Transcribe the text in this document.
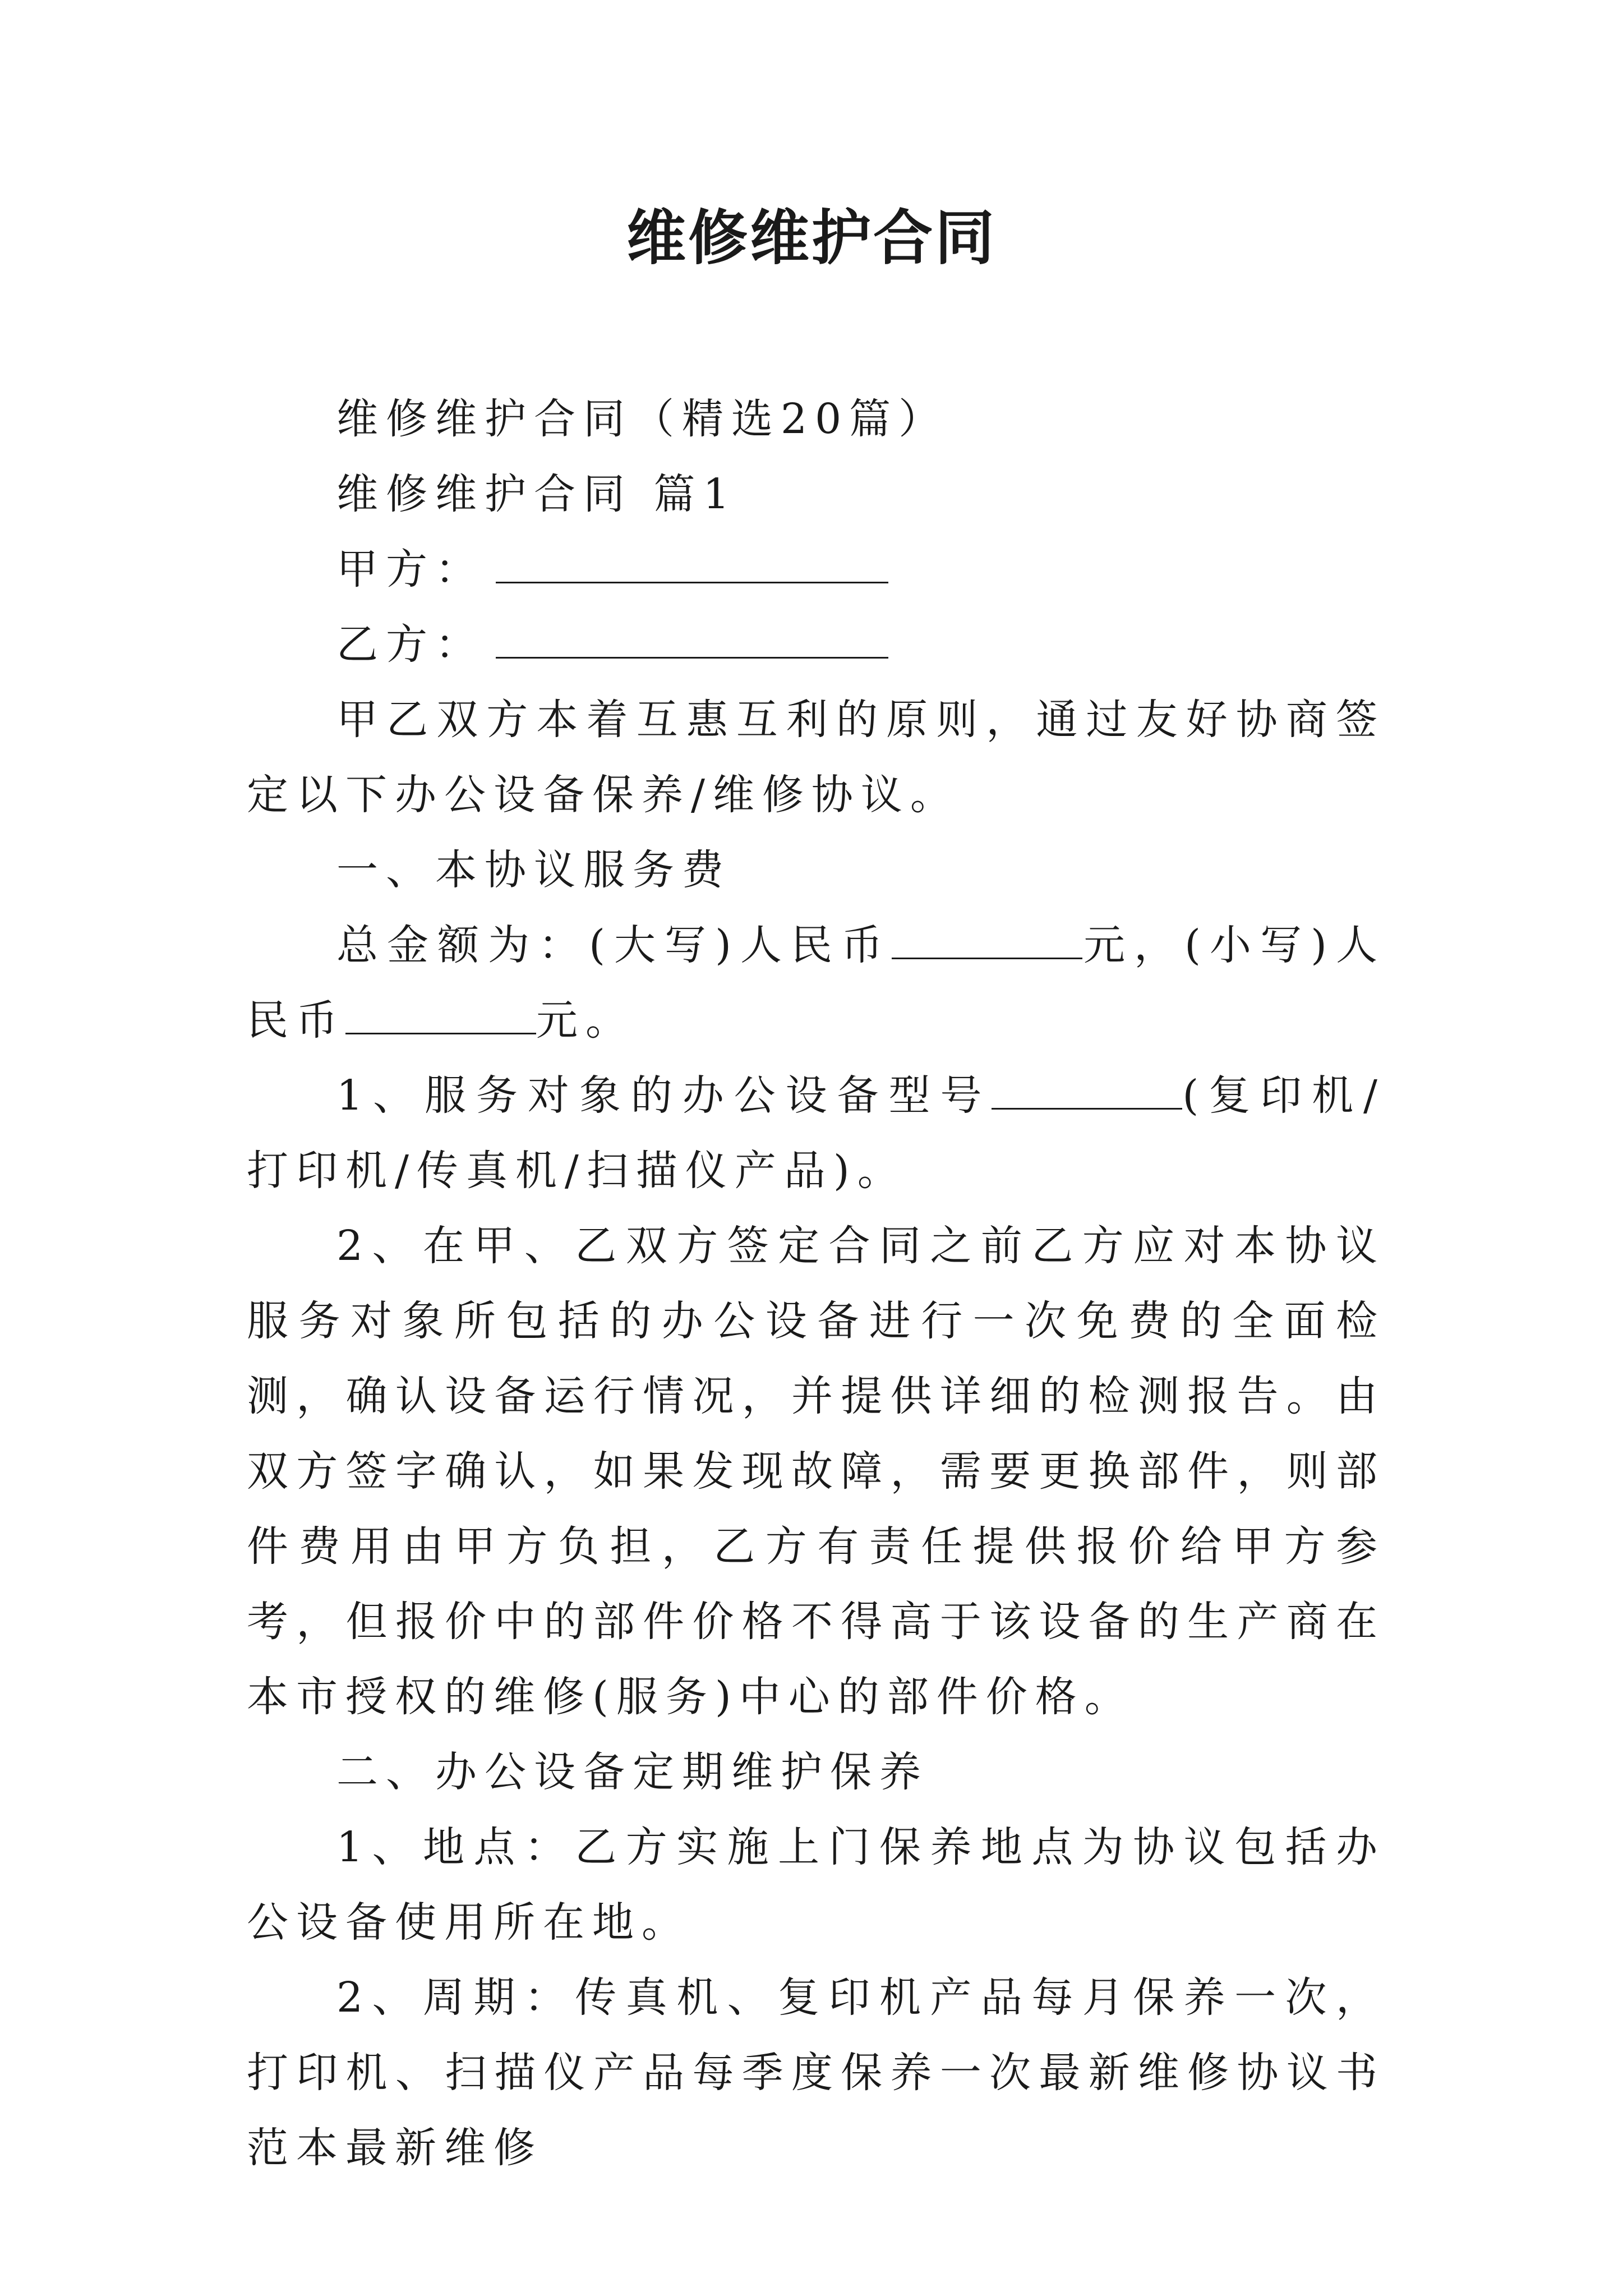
维修维护合同

维修维护合同（精选20篇）

维修维护合同 篇1

甲方：

乙方：

甲乙双方本着互惠互利的原则，通过友好协商签定以下办公设备保养/维修协议。

一、本协议服务费

总金额为：(大写)人民币	元，(小写)人民币	元。

1、服务对象的办公设备型号	(复印机/打印机/传真机/扫描仪产品)。

2、在甲、乙双方签定合同之前乙方应对本协议服务对象所包括的办公设备进行一次免费的全面检测，确认设备运行情况，并提供详细的检测报告。由双方签字确认，如果发现故障，需要更换部件，则部件费用由甲方负担，乙方有责任提供报价给甲方参考，但报价中的部件价格不得高于该设备的生产商在本市授权的维修(服务)中心的部件价格。

二、办公设备定期维护保养

1、地点：乙方实施上门保养地点为协议包括办公设备使用所在地。

2、周期：传真机、复印机产品每月保养一次，打印机、扫描仪产品每季度保养一次最新维修协议书范本最新维修
